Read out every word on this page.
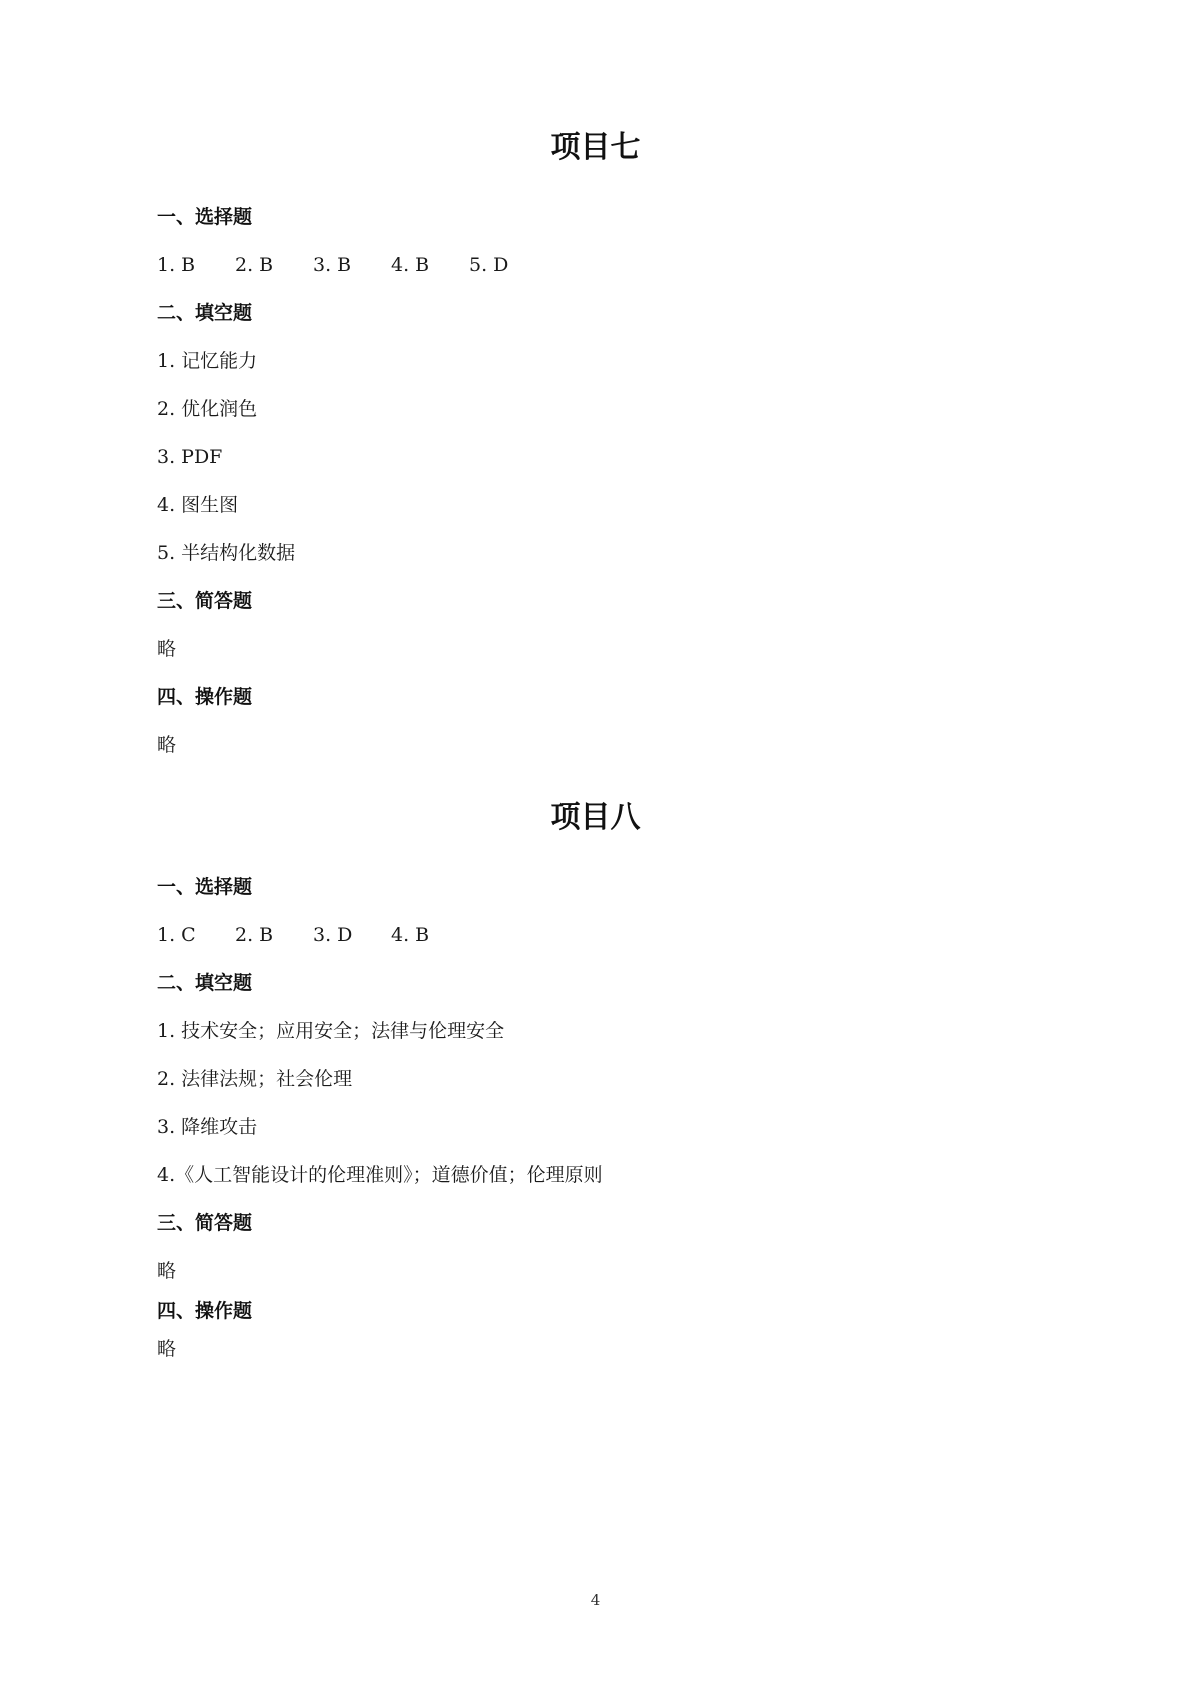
项目七
一、选择题
1. B 2. B 3. B 4. B 5. D
二、填空题
1. 记忆能力
2. 优化润色
3. PDF
4. 图生图
5. 半结构化数据
三、简答题
略
四、操作题
略
项目八
一、选择题
1. C 2. B 3. D 4. B
二、填空题
1. 技术安全；应用安全；法律与伦理安全
2. 法律法规；社会伦理
3. 降维攻击
4.《人工智能设计的伦理准则》；道德价值；伦理原则
三、简答题
略
四、操作题
略
4
